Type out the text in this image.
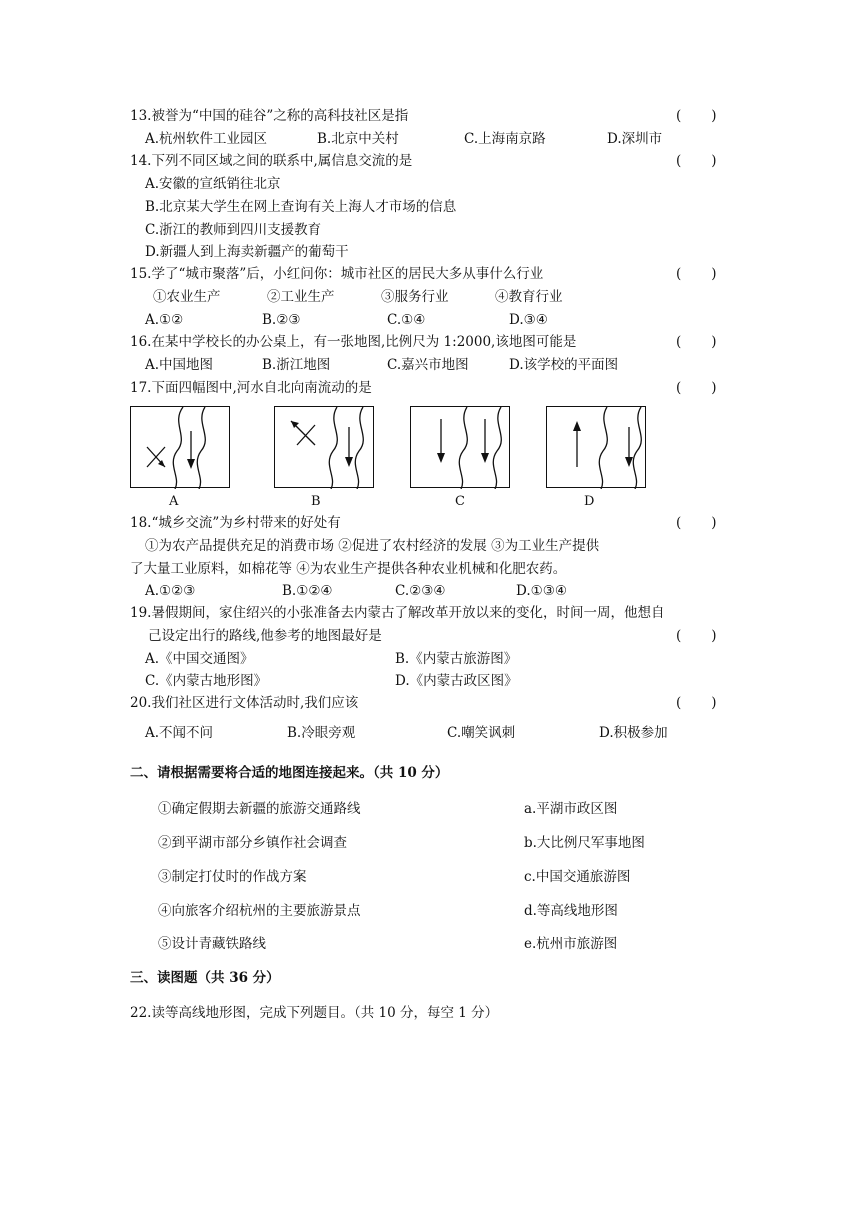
13.被誉为“中国的硅谷”之称的高科技社区是指	(       )
A.杭州软件工业园区	B.北京中关村	C.上海南京路	D.深圳市
14.下列不同区域之间的联系中,属信息交流的是	(       )
A.安徽的宣纸销往北京
B.北京某大学生在网上查询有关上海人才市场的信息
C.浙江的教师到四川支援教育
D.新疆人到上海卖新疆产的葡萄干
15.学了“城市聚落”后，小红问你：城市社区的居民大多从事什么行业	(       )
①农业生产	②工业生产	③服务行业	④教育行业
A.①②	B.②③	C.①④	D.③④
16.在某中学校长的办公桌上，有一张地图,比例尺为 1:2000,该地图可能是	(       )
A.中国地图	B.浙江地图	C.嘉兴市地图	D.该学校的平面图
17.下面四幅图中,河水自北向南流动的是	(       )
A	B	C	D
18.“城乡交流”为乡村带来的好处有	(       )
①为农产品提供充足的消费市场 ②促进了农村经济的发展 ③为工业生产提供
了大量工业原料，如棉花等 ④为农业生产提供各种农业机械和化肥农药。
A.①②③	B.①②④	C.②③④	D.①③④
19.暑假期间，家住绍兴的小张准备去内蒙古了解改革开放以来的变化，时间一周，他想自
己设定出行的路线,他参考的地图最好是	(       )
A.《中国交通图》	B.《内蒙古旅游图》
C.《内蒙古地形图》	D.《内蒙古政区图》
20.我们社区进行文体活动时,我们应该	(       )
A.不闻不问	B.冷眼旁观	C.嘲笑讽刺	D.积极参加
二、请根据需要将合适的地图连接起来。（共 10 分）
①确定假期去新疆的旅游交通路线	a.平湖市政区图
②到平湖市部分乡镇作社会调查	b.大比例尺军事地图
③制定打仗时的作战方案	c.中国交通旅游图
④向旅客介绍杭州的主要旅游景点	d.等高线地形图
⑤设计青藏铁路线	e.杭州市旅游图
三、读图题（共 36 分）
22.读等高线地形图，完成下列题目。（共 10 分，每空 1 分）
